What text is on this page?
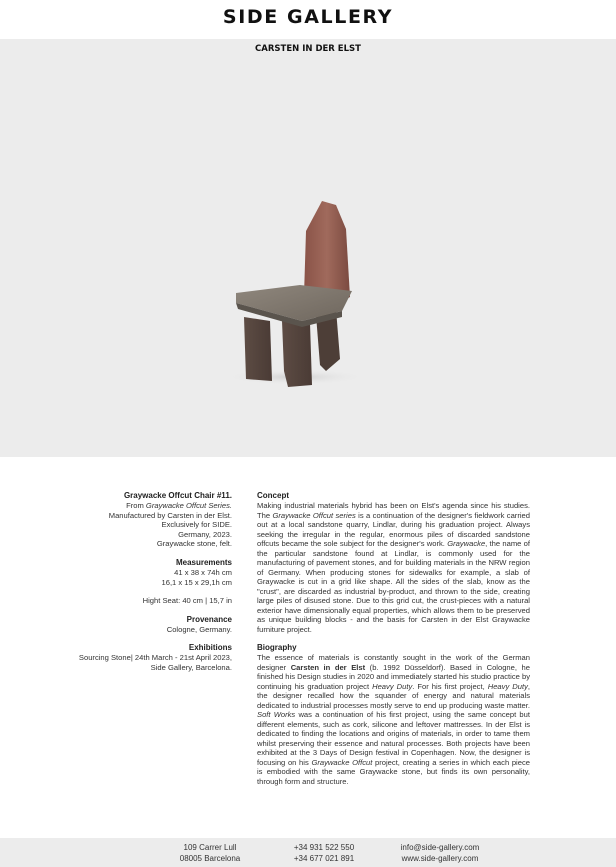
SIDE GALLERY
CARSTEN IN DER ELST
Graywacke Offcut Chair #11.
From Graywacke Offcut Series.
Manufactured by Carsten in der Elst.
Exclusively for SIDE.
Germany, 2023.
Graywacke stone, felt.
Measurements
41 x 38 x 74h cm
16,1 x 15 x 29,1h cm
Hight Seat: 40 cm | 15,7 in
Provenance
Cologne, Germany.
Exhibitions
Sourcing Stone| 24th March - 21st April 2023,
Side Gallery, Barcelona.
Concept

Making industrial materials hybrid has been on Elst's agenda since his studies. The Graywacke Offcut series is a continuation of the designer's fieldwork carried out at a local sandstone quarry, Lindlar, during his graduation project. Always seeking the irregular in the regular, enormous piles of discarded sandstone offcuts became the sole subject for the designer's work. Graywacke, the name of the particular sandstone found at Lindlar, is commonly used for the manufacturing of pavement stones, and for building materials in the NRW region of Germany. When producing stones for sidewalks for example, a slab of Graywacke is cut in a grid like shape. All the sides of the slab, know as the "crust", are discarded as industrial by-product, and thrown to the side, creating large piles of disused stone. Due to this grid cut, the crust-pieces with a natural exterior have dimensionally equal properties, which allows them to be preserved as unique building blocks - and the basis for Carsten in der Elst Graywacke furniture project.

Biography

The essence of materials is constantly sought in the work of the German designer Carsten in der Elst (b. 1992 Düsseldorf). Based in Cologne, he finished his Design studies in 2020 and immediately started his studio practice by continuing his graduation project Heavy Duty. For his first project, Heavy Duty, the designer recalled how the squander of energy and natural materials dedicated to industrial processes mostly serve to end up producing waste matter. Soft Works was a continuation of his first project, using the same concept but different elements, such as cork, silicone and leftover mattresses. In der Elst is dedicated to finding the locations and origins of materials, in order to tame them whilst preserving their essence and natural processes. Both projects have been exhibited at the 3 Days of Design festival in Copenhagen. Now, the designer is focusing on his Graywacke Offcut project, creating a series in which each piece is embodied with the same Graywacke stone, but finds its own personality, through form and structure.

109 Carrer Lull
08005 Barcelona
+34 931 522 550
+34 677 021 891
info@side-gallery.com
www.side-gallery.com
